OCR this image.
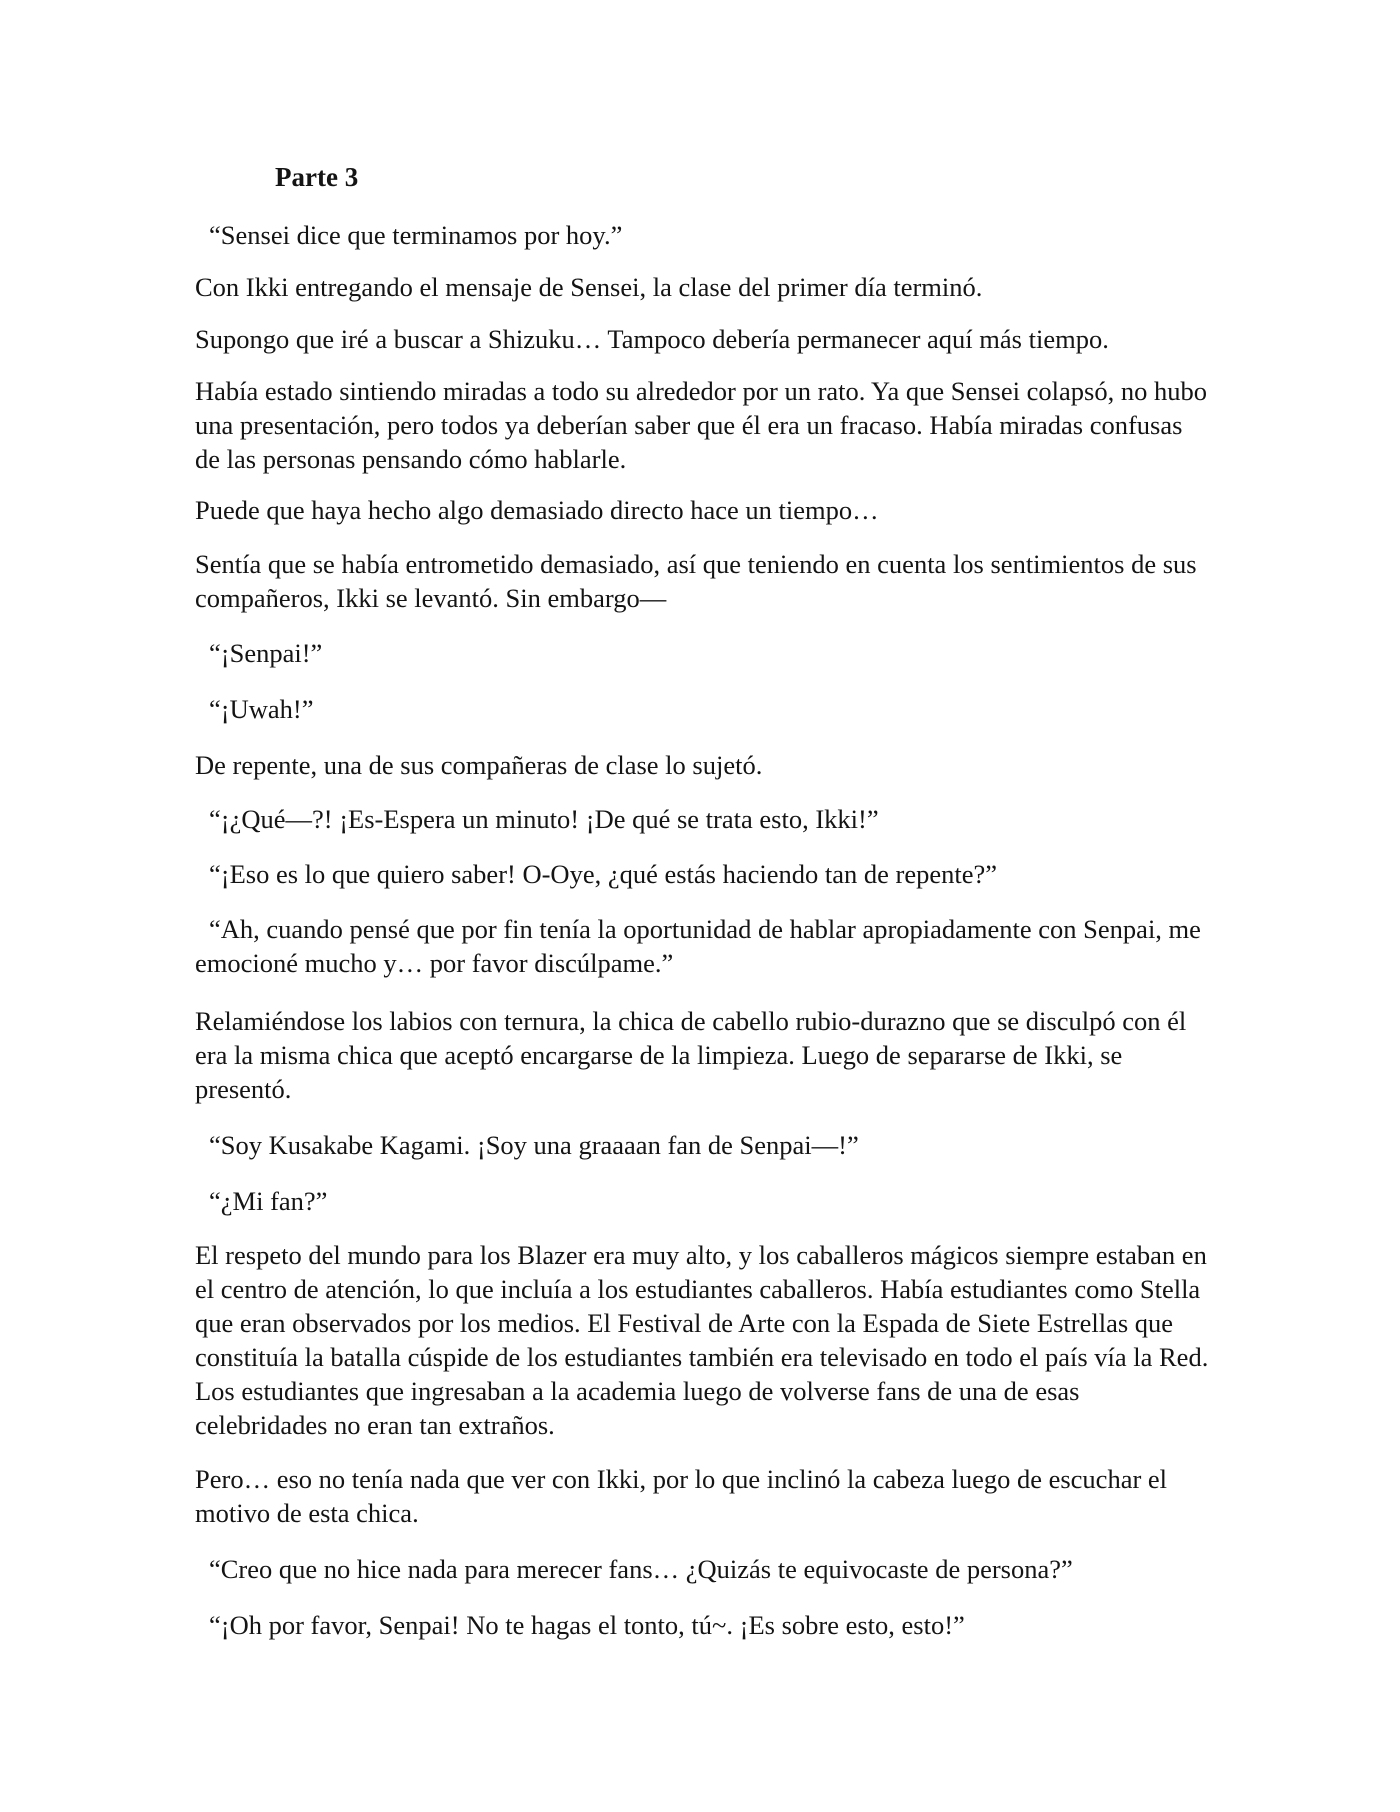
Parte 3

“Sensei dice que terminamos por hoy.”

Con Ikki entregando el mensaje de Sensei, la clase del primer día terminó.

Supongo que iré a buscar a Shizuku… Tampoco debería permanecer aquí más tiempo.

Había estado sintiendo miradas a todo su alrededor por un rato. Ya que Sensei colapsó, no hubo una presentación, pero todos ya deberían saber que él era un fracaso. Había miradas confusas de las personas pensando cómo hablarle.

Puede que haya hecho algo demasiado directo hace un tiempo…

Sentía que se había entrometido demasiado, así que teniendo en cuenta los sentimientos de sus compañeros, Ikki se levantó. Sin embargo—

“¡Senpai!”

“¡Uwah!”

De repente, una de sus compañeras de clase lo sujetó.

“¡¿Qué—?! ¡Es-Espera un minuto! ¡De qué se trata esto, Ikki!”

“¡Eso es lo que quiero saber! O-Oye, ¿qué estás haciendo tan de repente?”

“Ah, cuando pensé que por fin tenía la oportunidad de hablar apropiadamente con Senpai, me emocioné mucho y… por favor discúlpame.”

Relamiéndose los labios con ternura, la chica de cabello rubio-durazno que se disculpó con él era la misma chica que aceptó encargarse de la limpieza. Luego de separarse de Ikki, se presentó.

“Soy Kusakabe Kagami. ¡Soy una graaaan fan de Senpai—!”

“¿Mi fan?”

El respeto del mundo para los Blazer era muy alto, y los caballeros mágicos siempre estaban en el centro de atención, lo que incluía a los estudiantes caballeros. Había estudiantes como Stella que eran observados por los medios. El Festival de Arte con la Espada de Siete Estrellas que constituía la batalla cúspide de los estudiantes también era televisado en todo el país vía la Red. Los estudiantes que ingresaban a la academia luego de volverse fans de una de esas celebridades no eran tan extraños.

Pero… eso no tenía nada que ver con Ikki, por lo que inclinó la cabeza luego de escuchar el motivo de esta chica.

“Creo que no hice nada para merecer fans… ¿Quizás te equivocaste de persona?”

“¡Oh por favor, Senpai! No te hagas el tonto, tú~. ¡Es sobre esto, esto!”
